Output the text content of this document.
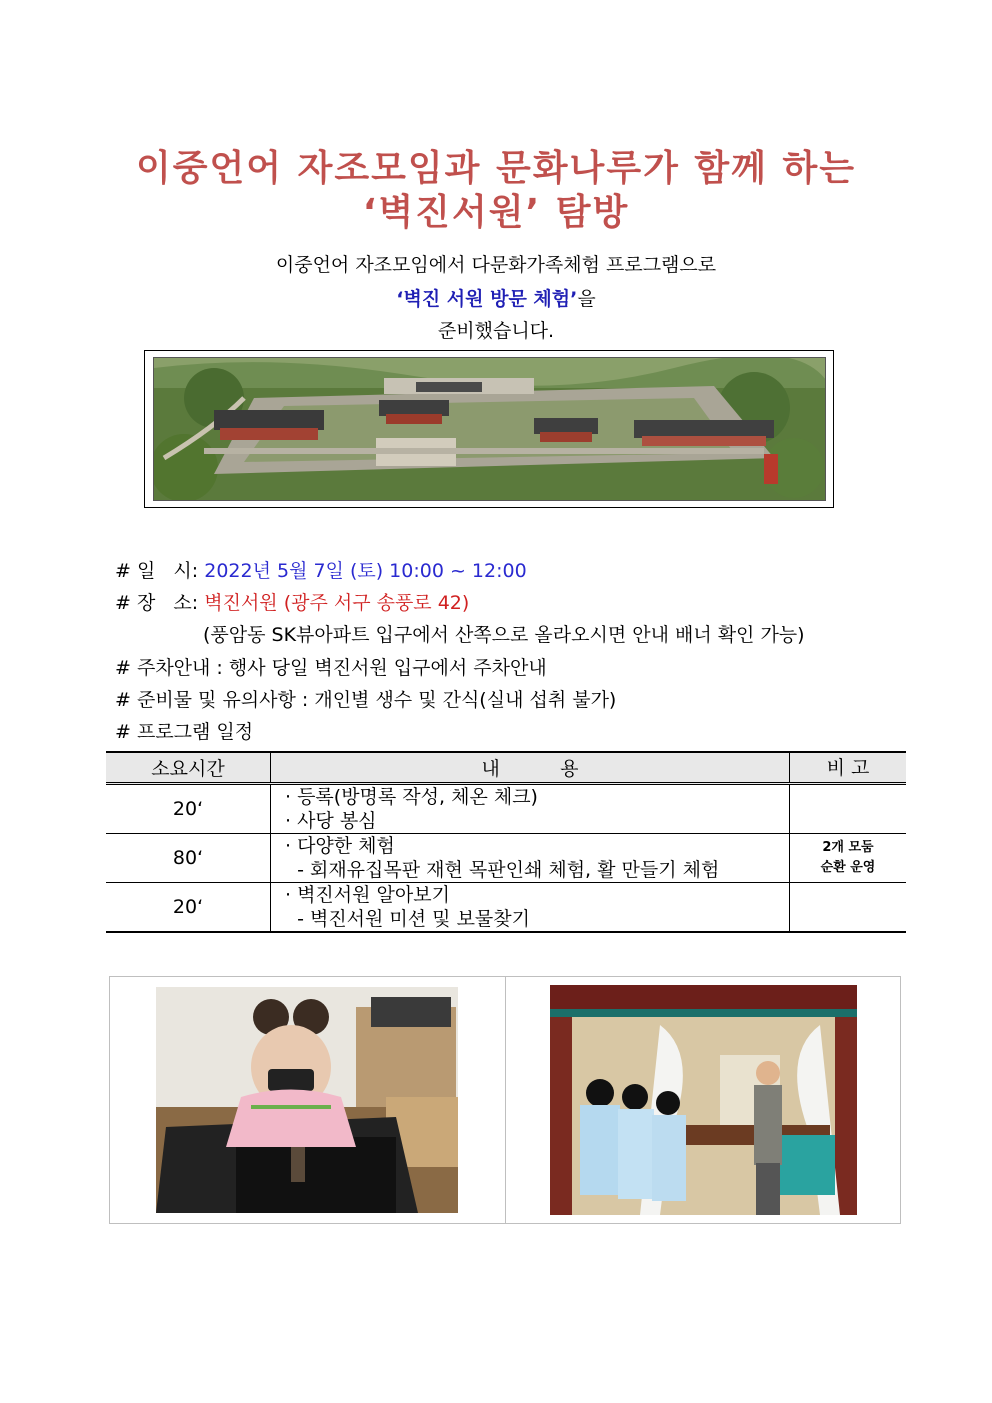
이중언어 자조모임과 문화나루가 함께 하는
‘벽진서원’ 탐방
이중언어 자조모임에서 다문화가족체험 프로그램으로
‘벽진 서원 방문 체험’을
준비했습니다.
# 일   시: 2022년 5월 7일 (토) 10:00 ~ 12:00
# 장   소: 벽진서원 (광주 서구 송풍로 42)
(풍암동 SK뷰아파트 입구에서 산쪽으로 올라오시면 안내 배너 확인 가능)
# 주차안내 : 행사 당일 벽진서원 입구에서 주차안내
# 준비물 및 유의사항 : 개인별 생수 및 간식(실내 섭취 불가)
# 프로그램 일정
소요시간	내          용	비 고
20‘	· 등록(방명록 작성, 체온 체크)
· 사당 봉심	

80‘	· 다양한 체험
- 회재유집목판 재현 목판인쇄 체험, 활 만들기 체험	2개 모둠
순환 운영

20‘	· 벽진서원 알아보기
- 벽진서원 미션 및 보물찾기	
